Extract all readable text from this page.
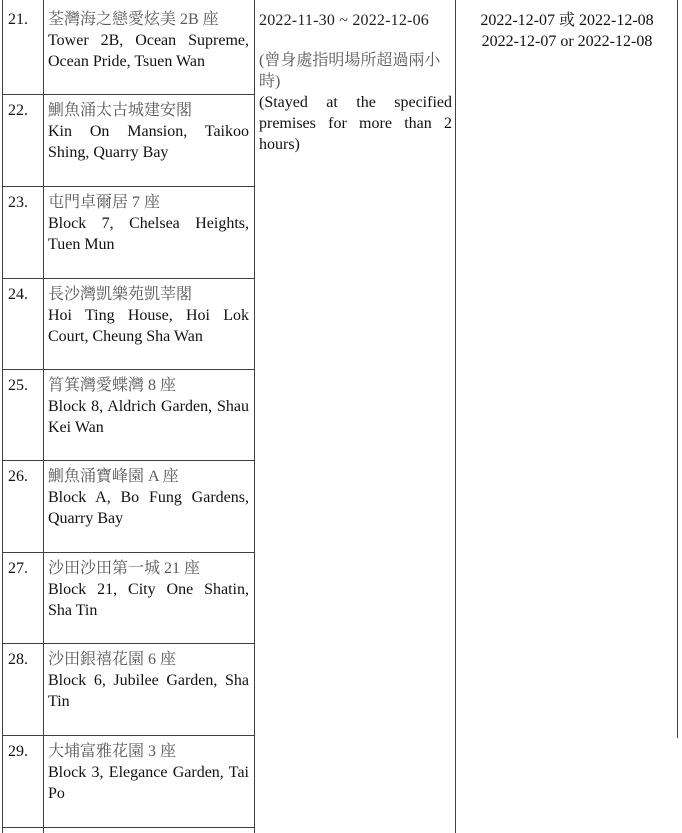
21. 荃灣海之戀愛炫美 2B 座
Tower 2B, Ocean Supreme, Ocean Pride, Tsuen Wan
22. 鰂魚涌太古城建安閣
Kin On Mansion, Taikoo Shing, Quarry Bay
23. 屯門卓爾居 7 座
Block 7, Chelsea Heights, Tuen Mun
24. 長沙灣凱樂苑凱莘閣
Hoi Ting House, Hoi Lok Court, Cheung Sha Wan
25. 筲箕灣愛蝶灣 8 座
Block 8, Aldrich Garden, Shau Kei Wan
26. 鰂魚涌寶峰園 A 座
Block A, Bo Fung Gardens, Quarry Bay
27. 沙田沙田第一城 21 座
Block 21, City One Shatin, Sha Tin
28. 沙田銀禧花園 6 座
Block 6, Jubilee Garden, Sha Tin
29. 大埔富雅花園 3 座
Block 3, Elegance Garden, Tai Po
2022-11-30 ~ 2022-12-06
(曾身處指明場所超過兩小時)
(Stayed at the specified premises for more than 2 hours)
2022-12-07 或 2022-12-08
2022-12-07 or 2022-12-08
